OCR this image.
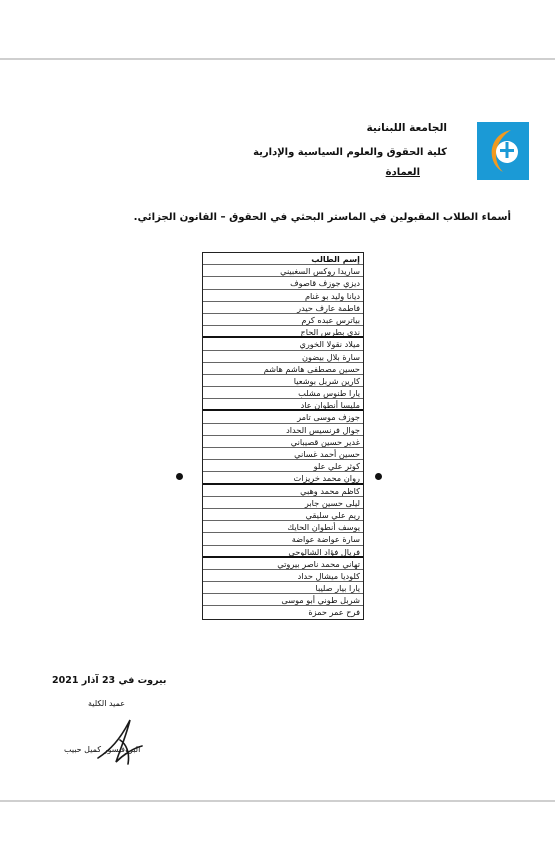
الجامعة اللبنانية
كلية الحقوق والعلوم السياسية والإدارية
العمادة
أسماء الطلاب المقبولين في الماستر البحثي في الحقوق – القانون الجزائي.
إسم الطالب
ساريدا روكس السغبيني
ديزي جوزف قاصوف
ديانا وليد بو غنام
فاطمة عارف حيدر
بياترس عبده كرم
ندى بطرس الحاج
ميلاد نقولا الخوري
سارة بلال بيضون
حسين مصطفى هاشم هاشم
كارين شربل بوشعيا
يارا طنوس مشلب
مليسا أنطوان عاد
جوزف موسى تامر
جوال فرنسيس الحداد
غدير حسين قصيباني
حسين أحمد غساني
كوثر علي علو
روان محمد خريزات
كاظم محمد وهبي
ليلى حسين جابر
ريم علي سليقي
يوسف أنطوان الحايك
سارة عواضة عواضة
فريال فؤاد الشالوحي
تهاني محمد ناصر بيروتي
كلوديا ميشال حداد
يارا بيار صليبا
شربل طوني أبو موسى
فرح عمر حمزة
بيروت في 23 آذار 2021
عميد الكلية
البروفيسور كميل حبيب
